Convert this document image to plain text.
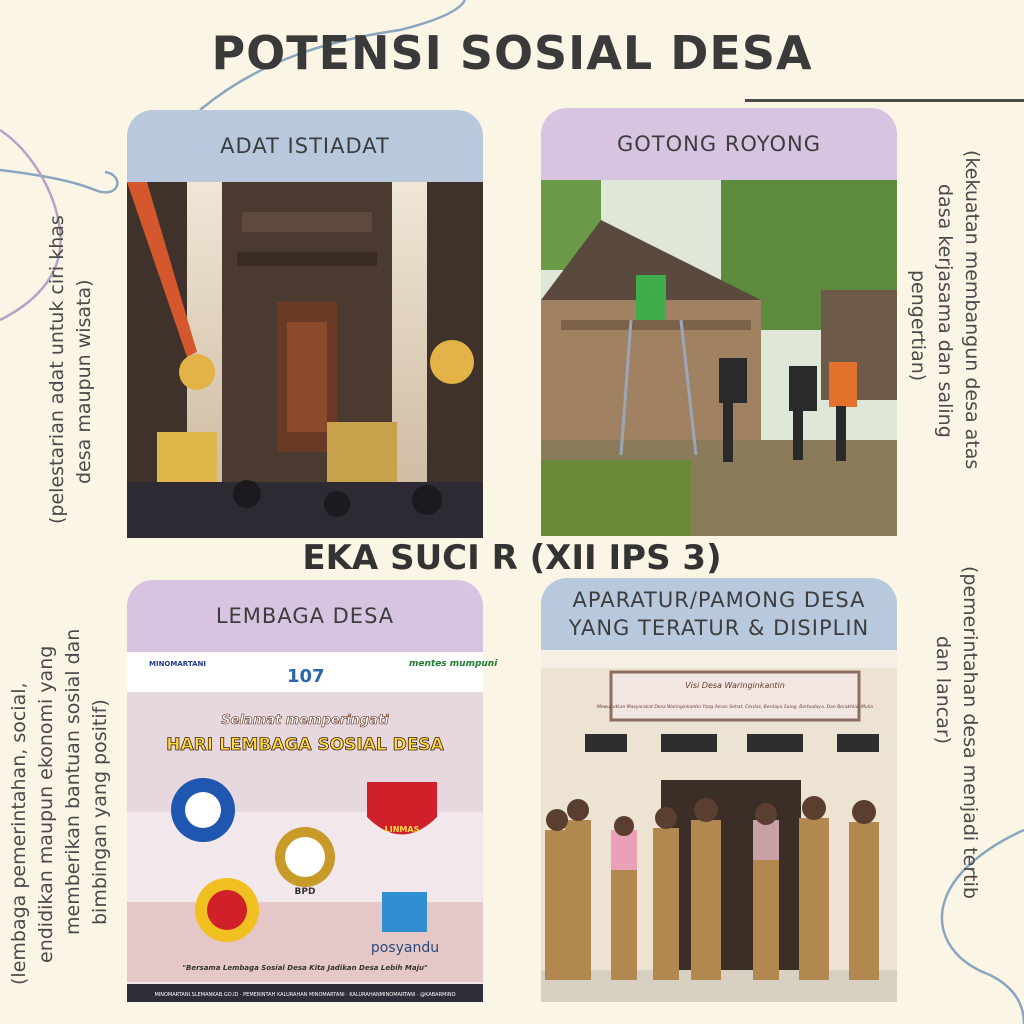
POTENSI SOSIAL DESA
ADAT ISTIADAT
(pelestarian adat untuk ciri khas desa maupun wisata)
GOTONG ROYONG
(kekuatan membangun desa atas
dasa kerjasama dan saling
pengertian)
EKA SUCI R (XII IPS 3)
LEMBAGA DESA
MINOMARTANI
107
mentes mumpuni
Selamat memperingati
HARI LEMBAGA SOSIAL DESA
LINMAS
BPD
posyandu
"Bersama Lembaga Sosial Desa Kita Jadikan Desa Lebih Maju"
MINOMARTANI.SLEMANKAB.GO.ID · PEMERINTAH KALURAHAN MINOMARTANI · KALURAHANMINOMARTANI · @KABARMINO
(lembaga pemerintahan, social, endidikan maupun ekonomi yang memberikan bantuan sosial dan bimbingan yang positif)
APARATUR/PAMONG DESA
YANG TERATUR & DISIPLIN
Visi Desa Waringinkantin
Mewujudkan Masyarakat Desa Waringinkantin Yang Aman Sehat, Cerdas, Berdaya Saing, Berbudaya, Dan Berakhlak Mulia	(pemerintahan desa menjadi tertib
dan lancar)
